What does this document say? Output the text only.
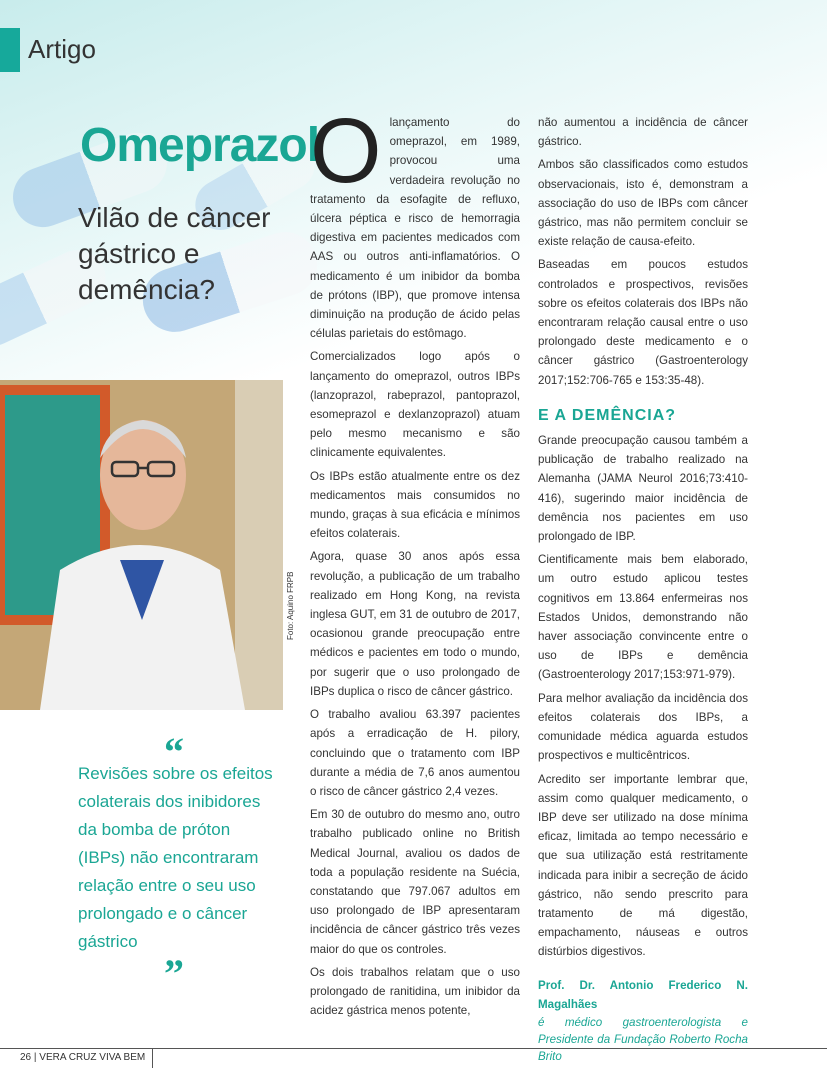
Artigo
Omeprazol
Vilão de câncer gástrico e demência?
Foto: Aquino FRPB
“
Revisões sobre os efeitos colaterais dos inibidores da bomba de próton (IBPs) não encontraram relação entre o seu uso prolongado e o câncer gástrico
”

Olançamento do omeprazol, em 1989, provocou uma verdadeira revolução no tratamento da esofagite de refluxo, úlcera péptica e risco de hemorragia digestiva em pacientes medicados com AAS ou outros anti-inflamatórios. O medicamento é um inibidor da bomba de prótons (IBP), que promove intensa diminuição na produção de ácido pelas células parietais do estômago.

Comercializados logo após o lançamento do omeprazol, outros IBPs (lanzoprazol, rabeprazol, pantoprazol, esomeprazol e dexlanzoprazol) atuam pelo mesmo mecanismo e são clinicamente equivalentes.

Os IBPs estão atualmente entre os dez medicamentos mais consumidos no mundo, graças à sua eficácia e mínimos efeitos colaterais.

Agora, quase 30 anos após essa revolução, a publicação de um trabalho realizado em Hong Kong, na revista inglesa GUT, em 31 de outubro de 2017, ocasionou grande preocupação entre médicos e pacientes em todo o mundo, por sugerir que o uso prolongado de IBPs duplica o risco de câncer gástrico.

O trabalho avaliou 63.397 pacientes após a erradicação de H. pilory, concluindo que o tratamento com IBP durante a média de 7,6 anos aumentou o risco de câncer gástrico 2,4 vezes.

Em 30 de outubro do mesmo ano, outro trabalho publicado online no British Medical Journal, avaliou os dados de toda a população residente na Suécia, constatando que 797.067 adultos em uso prolongado de IBP apresentaram incidência de câncer gástrico três vezes maior do que os controles.

Os dois trabalhos relatam que o uso prolongado de ranitidina, um inibidor da acidez gástrica menos potente,

não aumentou a incidência de câncer gástrico.

Ambos são classificados como estudos observacionais, isto é, demonstram a associação do uso de IBPs com câncer gástrico, mas não permitem concluir se existe relação de causa-efeito.

Baseadas em poucos estudos controlados e prospectivos, revisões sobre os efeitos colaterais dos IBPs não encontraram relação causal entre o uso prolongado deste medicamento e o câncer gástrico (Gastroenterology 2017;152:706-765 e 153:35-48).

E A DEMÊNCIA?

Grande preocupação causou também a publicação de trabalho realizado na Alemanha (JAMA Neurol 2016;73:410-416), sugerindo maior incidência de demência nos pacientes em uso prolongado de IBP.

Cientificamente mais bem elaborado, um outro estudo aplicou testes cognitivos em 13.864 enfermeiras nos Estados Unidos, demonstrando não haver associação convincente entre o uso de IBPs e demência (Gastroenterology 2017;153:971-979).

Para melhor avaliação da incidência dos efeitos colaterais dos IBPs, a comunidade médica aguarda estudos prospectivos e multicêntricos.

Acredito ser importante lembrar que, assim como qualquer medicamento, o IBP deve ser utilizado na dose mínima eficaz, limitada ao tempo necessário e que sua utilização está restritamente indicada para inibir a secreção de ácido gástrico, não sendo prescrito para tratamento de má digestão, empachamento, náuseas e outros distúrbios digestivos.

Prof. Dr. Antonio Frederico N. Magalhães
é médico gastroenterologista e Presidente da Fundação Roberto Rocha Brito
26 | VERA CRUZ VIVA BEM
